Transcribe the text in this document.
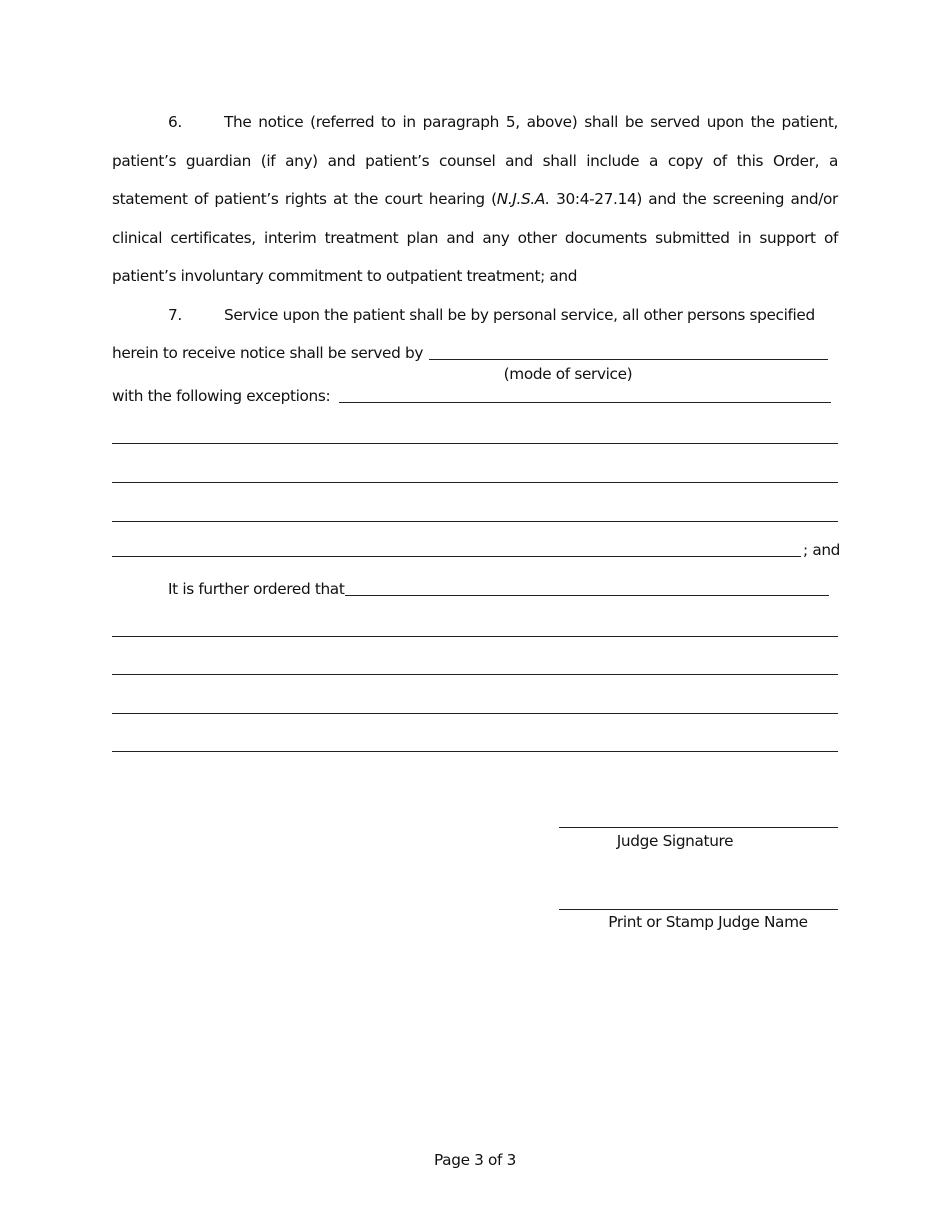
6.	The notice (referred to in paragraph 5, above) shall be served upon the patient, patient’s guardian (if any) and patient’s counsel and shall include a copy of this Order, a statement of patient’s rights at the court hearing (N.J.S.A. 30:4-27.14) and the screening and/or clinical certificates, interim treatment plan and any other documents submitted in support of patient’s involuntary commitment to outpatient treatment; and

7.	Service upon the patient shall be by personal service, all other persons specified
herein to receive notice shall be served by
(mode of service)
with the following exceptions:
; and
It is further ordered that
Judge Signature
Print or Stamp Judge Name
Page 3 of 3
